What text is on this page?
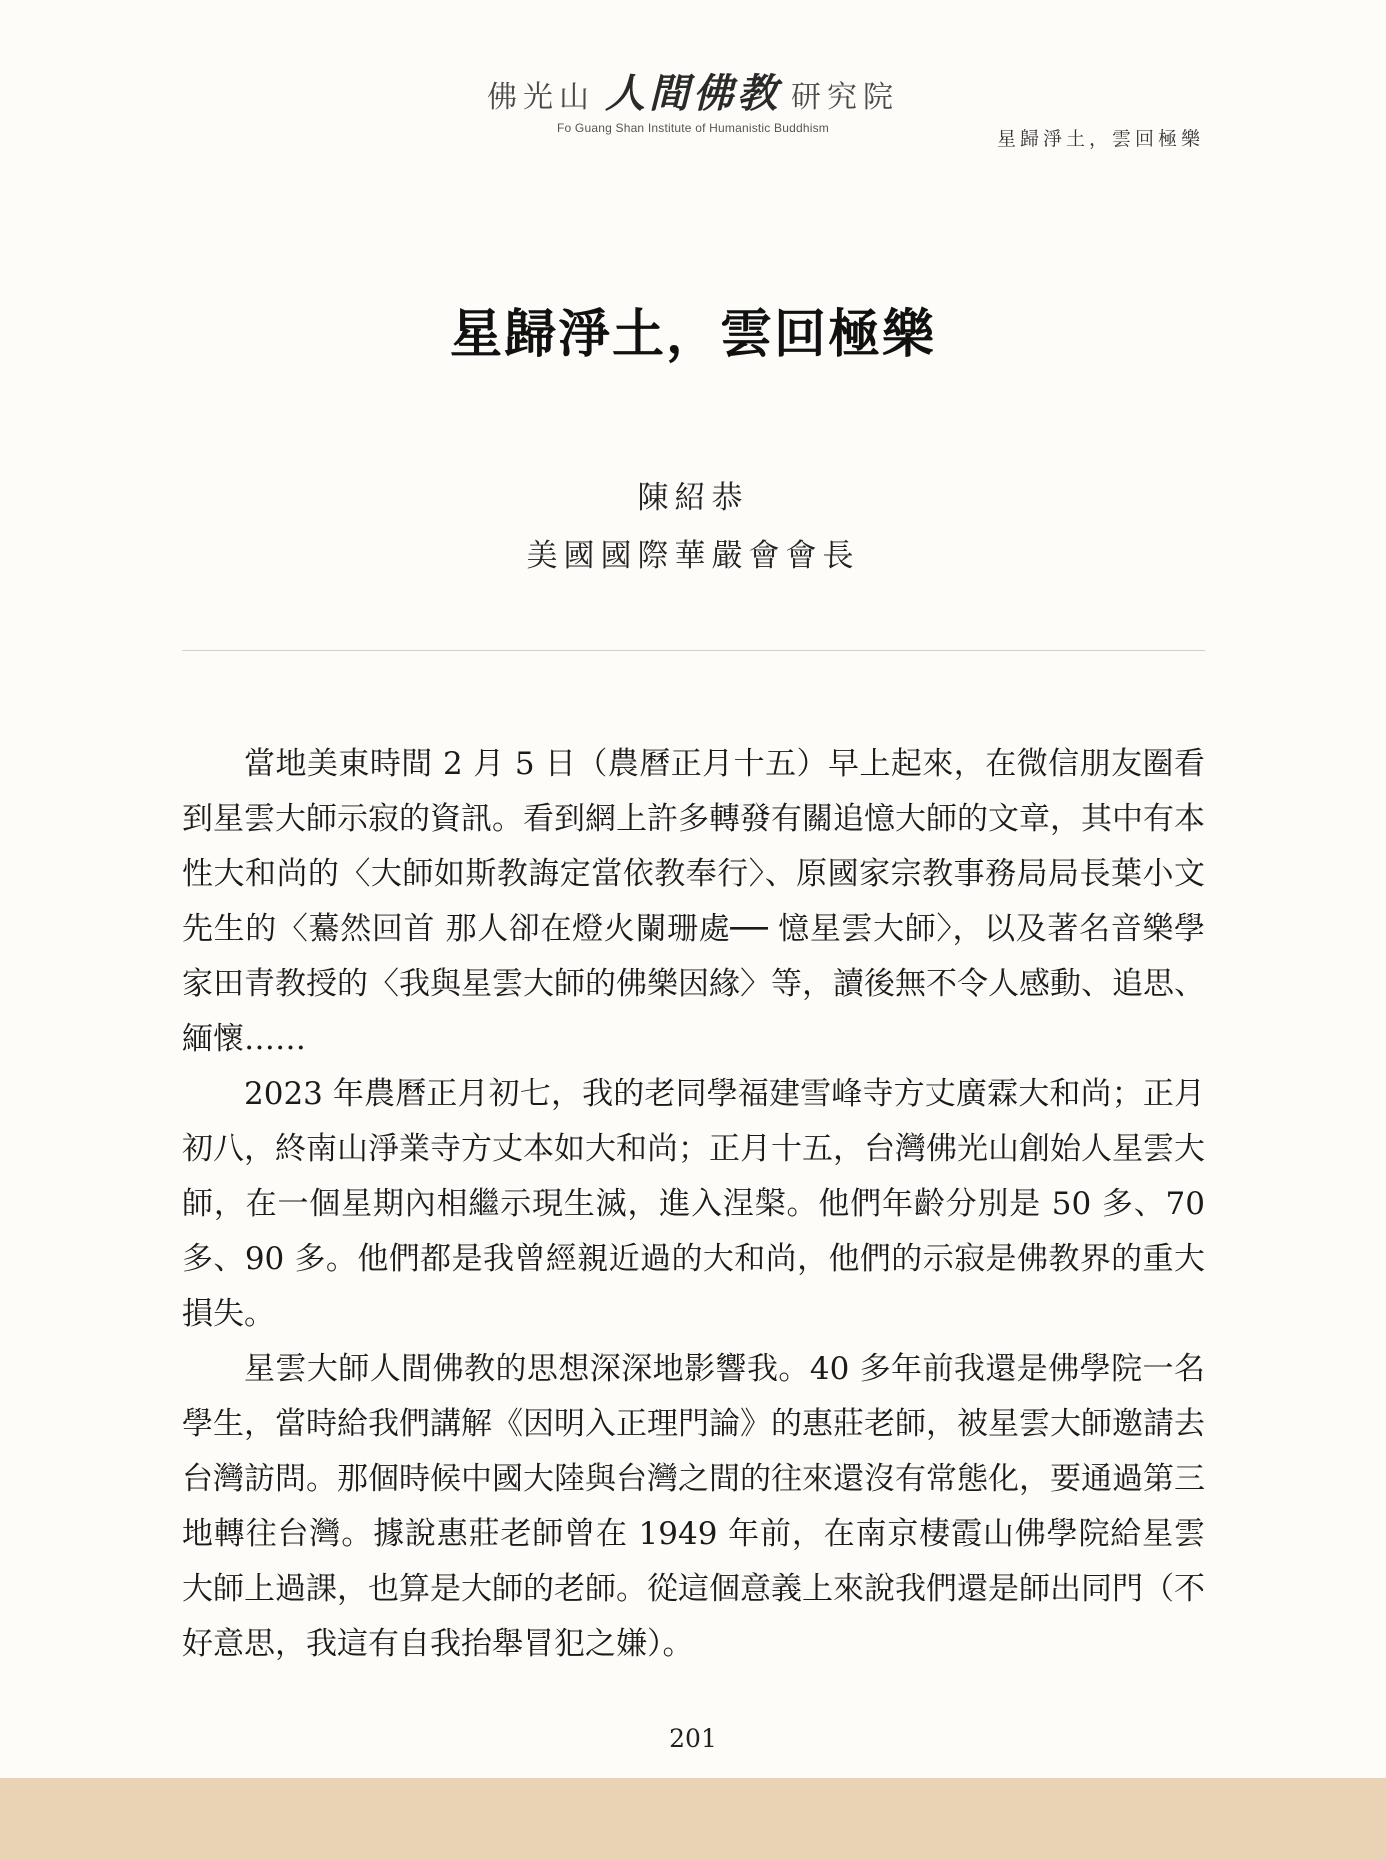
佛光山 人間佛教 研究院
Fo Guang Shan Institute of Humanistic Buddhism	星歸淨土，雲回極樂
星歸淨土，雲回極樂
陳紹恭
美國國際華嚴會會長

當地美東時間 2 月 5 日（農曆正月十五）早上起來，在微信朋友圈看到星雲大師示寂的資訊。看到網上許多轉發有關追憶大師的文章，其中有本性大和尚的〈大師如斯教誨定當依教奉行〉、原國家宗教事務局局長葉小文先生的〈驀然回首 那人卻在燈火闌珊處── 憶星雲大師〉，以及著名音樂學家田青教授的〈我與星雲大師的佛樂因緣〉等，讀後無不令人感動、追思、緬懷……

2023 年農曆正月初七，我的老同學福建雪峰寺方丈廣霖大和尚；正月初八，終南山淨業寺方丈本如大和尚；正月十五，台灣佛光山創始人星雲大師，在一個星期內相繼示現生滅，進入涅槃。他們年齡分別是 50 多、70 多、90 多。他們都是我曾經親近過的大和尚，他們的示寂是佛教界的重大損失。

星雲大師人間佛教的思想深深地影響我。40 多年前我還是佛學院一名學生，當時給我們講解《因明入正理門論》的惠莊老師，被星雲大師邀請去台灣訪問。那個時候中國大陸與台灣之間的往來還沒有常態化，要通過第三地轉往台灣。據說惠莊老師曾在 1949 年前，在南京棲霞山佛學院給星雲大師上過課，也算是大師的老師。從這個意義上來說我們還是師出同門（不好意思，我這有自我抬舉冒犯之嫌）。

201
